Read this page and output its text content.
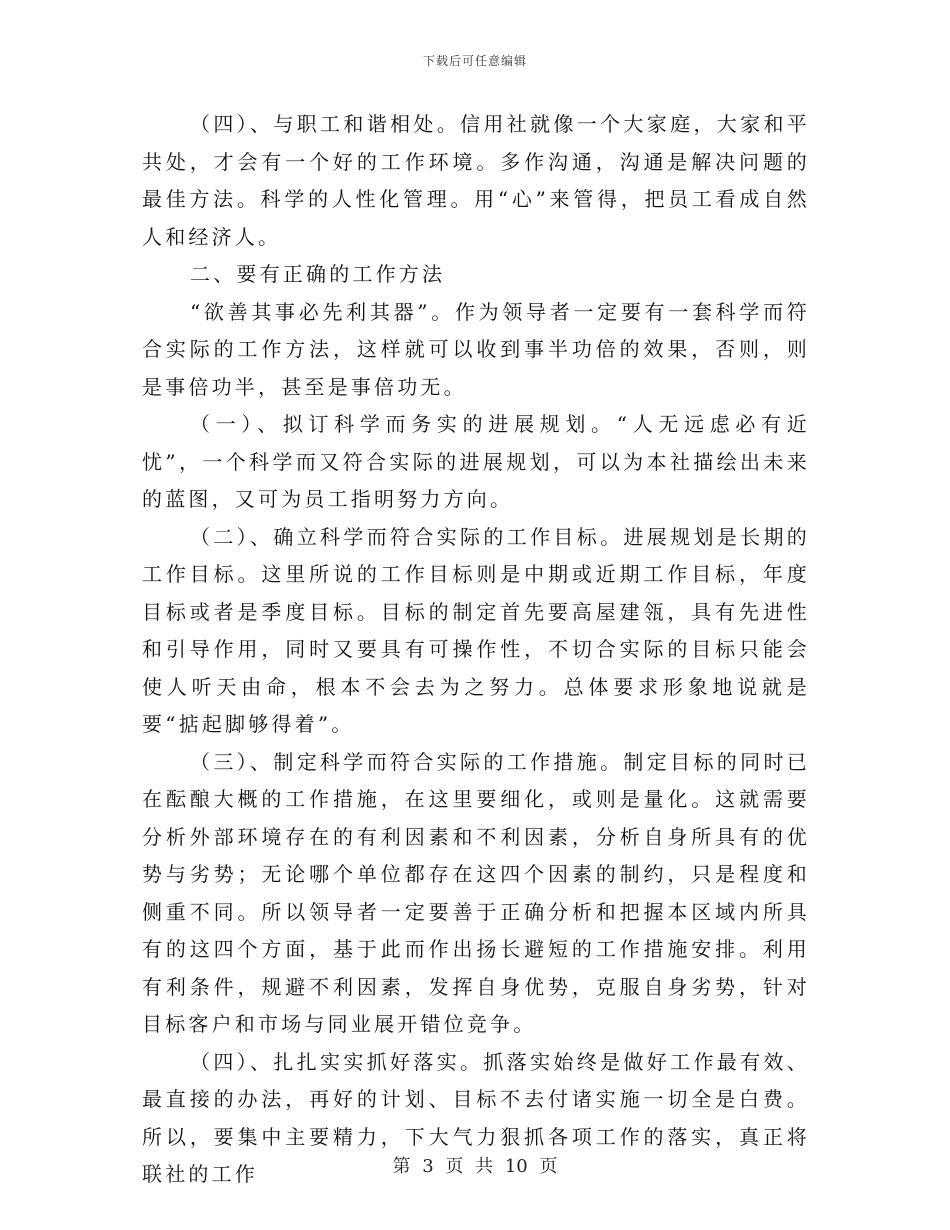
下载后可任意编辑

（四）、与职工和谐相处。信用社就像一个大家庭，大家和平共处，才会有一个好的工作环境。多作沟通，沟通是解决问题的最佳方法。科学的人性化管理。用“心”来管得，把员工看成自然人和经济人。

二、要有正确的工作方法

“欲善其事必先利其器”。作为领导者一定要有一套科学而符合实际的工作方法，这样就可以收到事半功倍的效果，否则，则是事倍功半，甚至是事倍功无。

（一）、拟订科学而务实的进展规划。“人无远虑必有近忧”，一个科学而又符合实际的进展规划，可以为本社描绘出未来的蓝图，又可为员工指明努力方向。

（二）、确立科学而符合实际的工作目标。进展规划是长期的工作目标。这里所说的工作目标则是中期或近期工作目标，年度目标或者是季度目标。目标的制定首先要高屋建瓴，具有先进性和引导作用，同时又要具有可操作性，不切合实际的目标只能会使人听天由命，根本不会去为之努力。总体要求形象地说就是要“掂起脚够得着”。

（三）、制定科学而符合实际的工作措施。制定目标的同时已在酝酿大概的工作措施，在这里要细化，或则是量化。这就需要分析外部环境存在的有利因素和不利因素，分析自身所具有的优势与劣势；无论哪个单位都存在这四个因素的制约，只是程度和侧重不同。所以领导者一定要善于正确分析和把握本区域内所具有的这四个方面，基于此而作出扬长避短的工作措施安排。利用有利条件，规避不利因素，发挥自身优势，克服自身劣势，针对目标客户和市场与同业展开错位竞争。

（四）、扎扎实实抓好落实。抓落实始终是做好工作最有效、最直接的办法，再好的计划、目标不去付诸实施一切全是白费。所以，要集中主要精力，下大气力狠抓各项工作的落实，真正将联社的工作	第 3 页 共 10 页
